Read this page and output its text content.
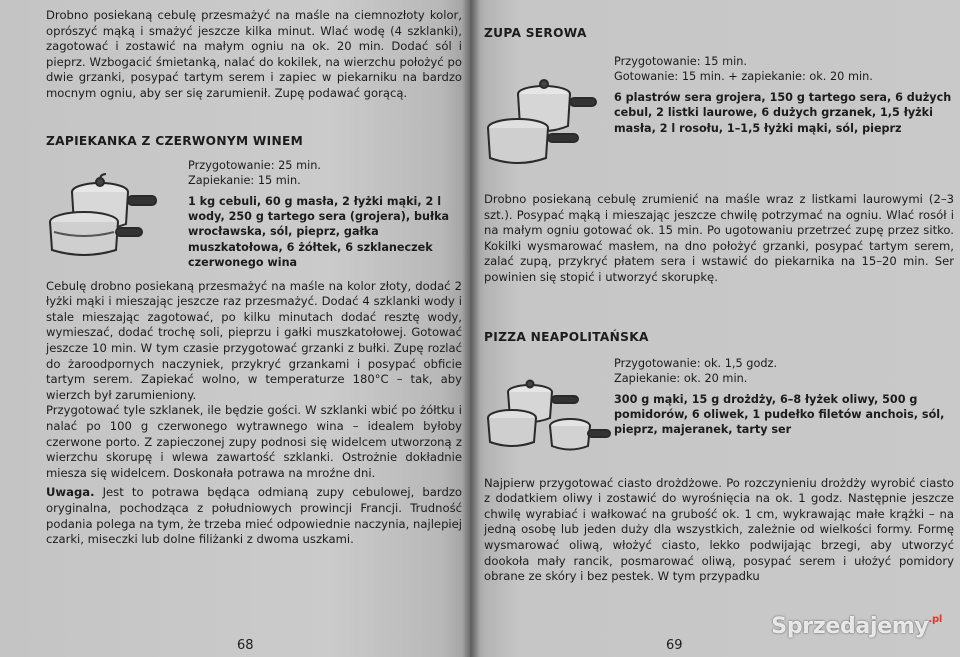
Drobno posiekaną cebulę przesmażyć na maśle na ciemnozłoty kolor, oprószyć mąką i smażyć jeszcze kilka minut. Wlać wodę (4 szklanki), zagotować i zostawić na małym ogniu na ok. 20 min. Dodać sól i pieprz. Wzbogacić śmietanką, nalać do kokilek, na wierzchu położyć po dwie grzanki, posypać tartym serem i zapiec w piekarniku na bardzo mocnym ogniu, aby ser się zarumienił. Zupę podawać gorącą.

ZAPIEKANKA Z CZERWONYM WINEM

Przygotowanie: 25 min.

Zapiekanie: 15 min.

1 kg cebuli, 60 g masła, 2 łyżki mąki, 2 l wody, 250 g tartego sera (grojera), bułka wrocławska, sól, pieprz, gałka muszkatołowa, 6 żółtek, 6 szklaneczek czerwonego wina

Cebulę drobno posiekaną przesmażyć na maśle na kolor złoty, dodać 2 łyżki mąki i mieszając jeszcze raz przesmażyć. Dodać 4 szklanki wody i stale mieszając zagotować, po kilku minutach dodać resztę wody, wymieszać, dodać trochę soli, pieprzu i gałki muszkatołowej. Gotować jeszcze 10 min. W tym czasie przygotować grzanki z bułki. Zupę rozlać do żaroodpornych naczyniek, przykryć grzankami i posypać obficie tartym serem. Zapiekać wolno, w temperaturze 180°C – tak, aby wierzch był zarumieniony.

Przygotować tyle szklanek, ile będzie gości. W szklanki wbić po żółtku i nalać po 100 g czerwonego wytrawnego wina – idealem byłoby czerwone porto. Z zapieczonej zupy podnosi się widelcem utworzoną z wierzchu skorupę i wlewa zawartość szklanki. Ostrożnie dokładnie miesza się widelcem. Doskonała potrawa na mroźne dni.

Uwaga. Jest to potrawa będąca odmianą zupy cebulowej, bardzo oryginalna, pochodząca z południowych prowincji Francji. Trudność podania polega na tym, że trzeba mieć odpowiednie naczynia, najlepiej czarki, miseczki lub dolne filiżanki z dwoma uszkami.

68
ZUPA SEROWA

Przygotowanie: 15 min.

Gotowanie: 15 min. + zapiekanie: ok. 20 min.

6 plastrów sera grojera, 150 g tartego sera, 6 dużych cebul, 2 listki laurowe, 6 dużych grzanek, 1,5 łyżki masła, 2 l rosołu, 1–1,5 łyżki mąki, sól, pieprz

Drobno posiekaną cebulę zrumienić na maśle wraz z listkami laurowymi (2–3 szt.). Posypać mąką i mieszając jeszcze chwilę potrzymać na ogniu. Wlać rosół i na małym ogniu gotować ok. 15 min. Po ugotowaniu przetrzeć zupę przez sitko. Kokilki wysmarować masłem, na dno położyć grzanki, posypać tartym serem, zalać zupą, przykryć płatem sera i wstawić do piekarnika na 15–20 min. Ser powinien się stopić i utworzyć skorupkę.

PIZZA NEAPOLITAŃSKA

Przygotowanie: ok. 1,5 godz.

Zapiekanie: ok. 20 min.

300 g mąki, 15 g drożdży, 6–8 łyżek oliwy, 500 g pomidorów, 6 oliwek, 1 pudełko filetów anchois, sól, pieprz, majeranek, tarty ser

Najpierw przygotować ciasto drożdżowe. Po rozczynieniu drożdży wyrobić ciasto z dodatkiem oliwy i zostawić do wyrośnięcia na ok. 1 godz. Następnie jeszcze chwilę wyrabiać i wałkować na grubość ok. 1 cm, wykrawając małe krążki – na jedną osobę lub jeden duży dla wszystkich, zależnie od wielkości formy. Formę wysmarować oliwą, włożyć ciasto, lekko podwijając brzegi, aby utworzyć dookoła mały rancik, posmarować oliwą, posypać serem i ułożyć pomidory obrane ze skóry i bez pestek. W tym przypadku

69
Sprzedajemy$^{.pl}$
